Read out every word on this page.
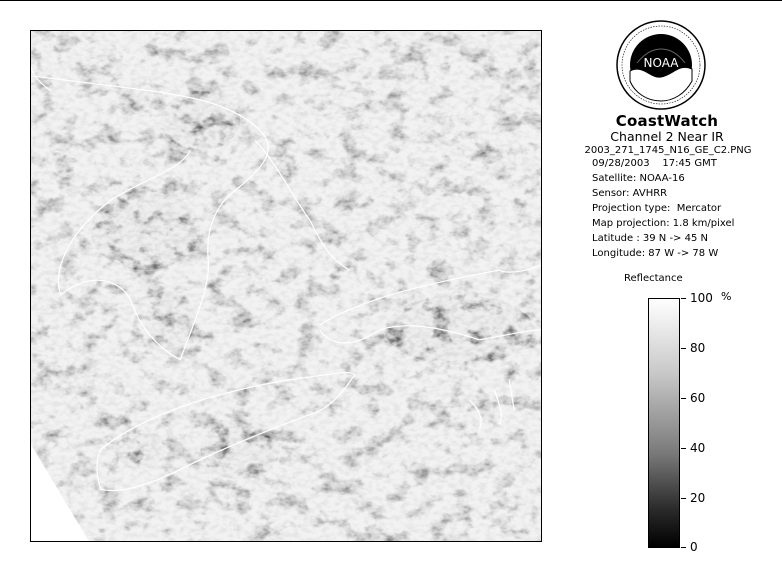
NOAA
CoastWatch
Channel 2 Near IR
2003_271_1745_N16_GE_C2.PNG
09/28/2003    17:45 GMT
Satellite: NOAA-16
Sensor: AVHRR
Projection type:  Mercator
Map projection: 1.8 km/pixel
Latitude : 39 N -> 45 N
Longitude: 87 W -> 78 W
Reflectance
%
100
80
60
40
20
0
